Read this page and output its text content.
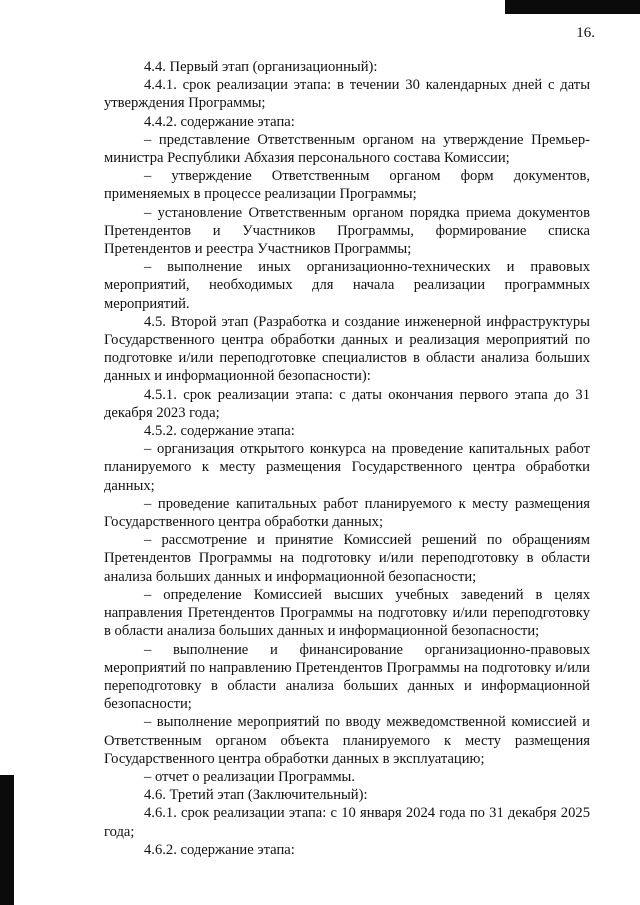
16.

4.4. Первый этап (организационный):

4.4.1. срок реализации этапа: в течении 30 календарных дней с даты утверждения Программы;

4.4.2. содержание этапа:

– представление Ответственным органом на утверждение Премьер-министра Республики Абхазия персонального состава Комиссии;

– утверждение Ответственным органом форм документов, применяемых в процессе реализации Программы;

– установление Ответственным органом порядка приема документов Претендентов и Участников Программы, формирование списка Претендентов и реестра Участников Программы;

– выполнение иных организационно-технических и правовых мероприятий, необходимых для начала реализации программных мероприятий.

4.5. Второй этап (Разработка и создание инженерной инфраструктуры Государственного центра обработки данных и реализация мероприятий по подготовке и/или переподготовке специалистов в области анализа больших данных и информационной безопасности):

4.5.1. срок реализации этапа: с даты окончания первого этапа до 31 декабря 2023 года;

4.5.2. содержание этапа:

– организация открытого конкурса на проведение капитальных работ планируемого к месту размещения Государственного центра обработки данных;

– проведение капитальных работ планируемого к месту размещения Государственного центра обработки данных;

– рассмотрение и принятие Комиссией решений по обращениям Претендентов Программы на подготовку и/или переподготовку в области анализа больших данных и информационной безопасности;

– определение Комиссией высших учебных заведений в целях направления Претендентов Программы на подготовку и/или переподготовку в области анализа больших данных и информационной безопасности;

– выполнение и финансирование организационно-правовых мероприятий по направлению Претендентов Программы на подготовку и/или переподготовку в области анализа больших данных и информационной безопасности;

– выполнение мероприятий по вводу межведомственной комиссией и Ответственным органом объекта планируемого к месту размещения Государственного центра обработки данных в эксплуатацию;

– отчет о реализации Программы.

4.6. Третий этап (Заключительный):

4.6.1. срок реализации этапа: с 10 января 2024 года по 31 декабря 2025 года;

4.6.2. содержание этапа:
